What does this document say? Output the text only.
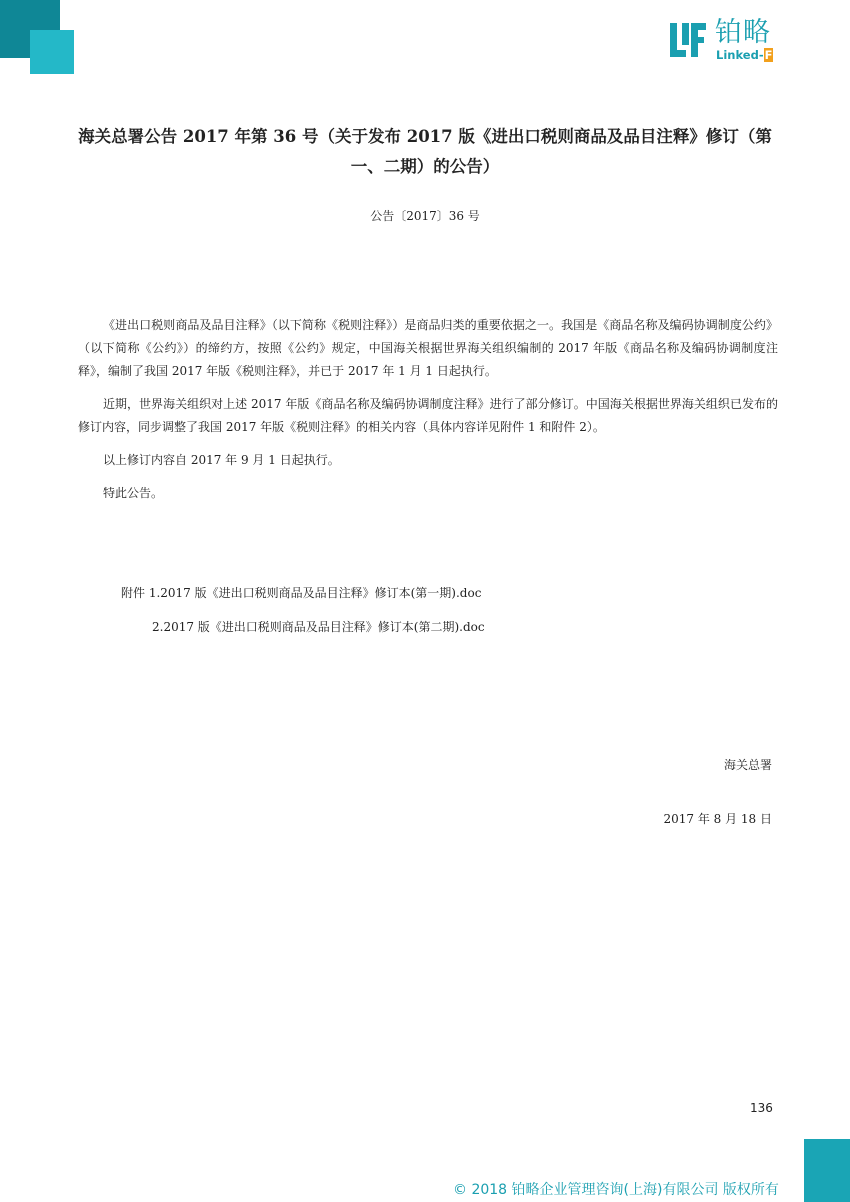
铂略
Linked-F
海关总署公告 2017 年第 36 号（关于发布 2017 版《进出口税则商品及品目注释》修订（第一、二期）的公告）
公告〔2017〕36 号

《进出口税则商品及品目注释》（以下简称《税则注释》）是商品归类的重要依据之一。我国是《商品名称及编码协调制度公约》（以下简称《公约》）的缔约方，按照《公约》规定，中国海关根据世界海关组织编制的 2017 年版《商品名称及编码协调制度注释》，编制了我国 2017 年版《税则注释》，并已于 2017 年 1 月 1 日起执行。

近期，世界海关组织对上述 2017 年版《商品名称及编码协调制度注释》进行了部分修订。中国海关根据世界海关组织已发布的修订内容，同步调整了我国 2017 年版《税则注释》的相关内容（具体内容详见附件 1 和附件 2）。

以上修订内容自 2017 年 9 月 1 日起执行。

特此公告。

附件 1.2017 版《进出口税则商品及品目注释》修订本(第一期).doc
2.2017 版《进出口税则商品及品目注释》修订本(第二期).doc
海关总署
2017 年 8 月 18 日
136
© 2018 铂略企业管理咨询(上海)有限公司 版权所有
